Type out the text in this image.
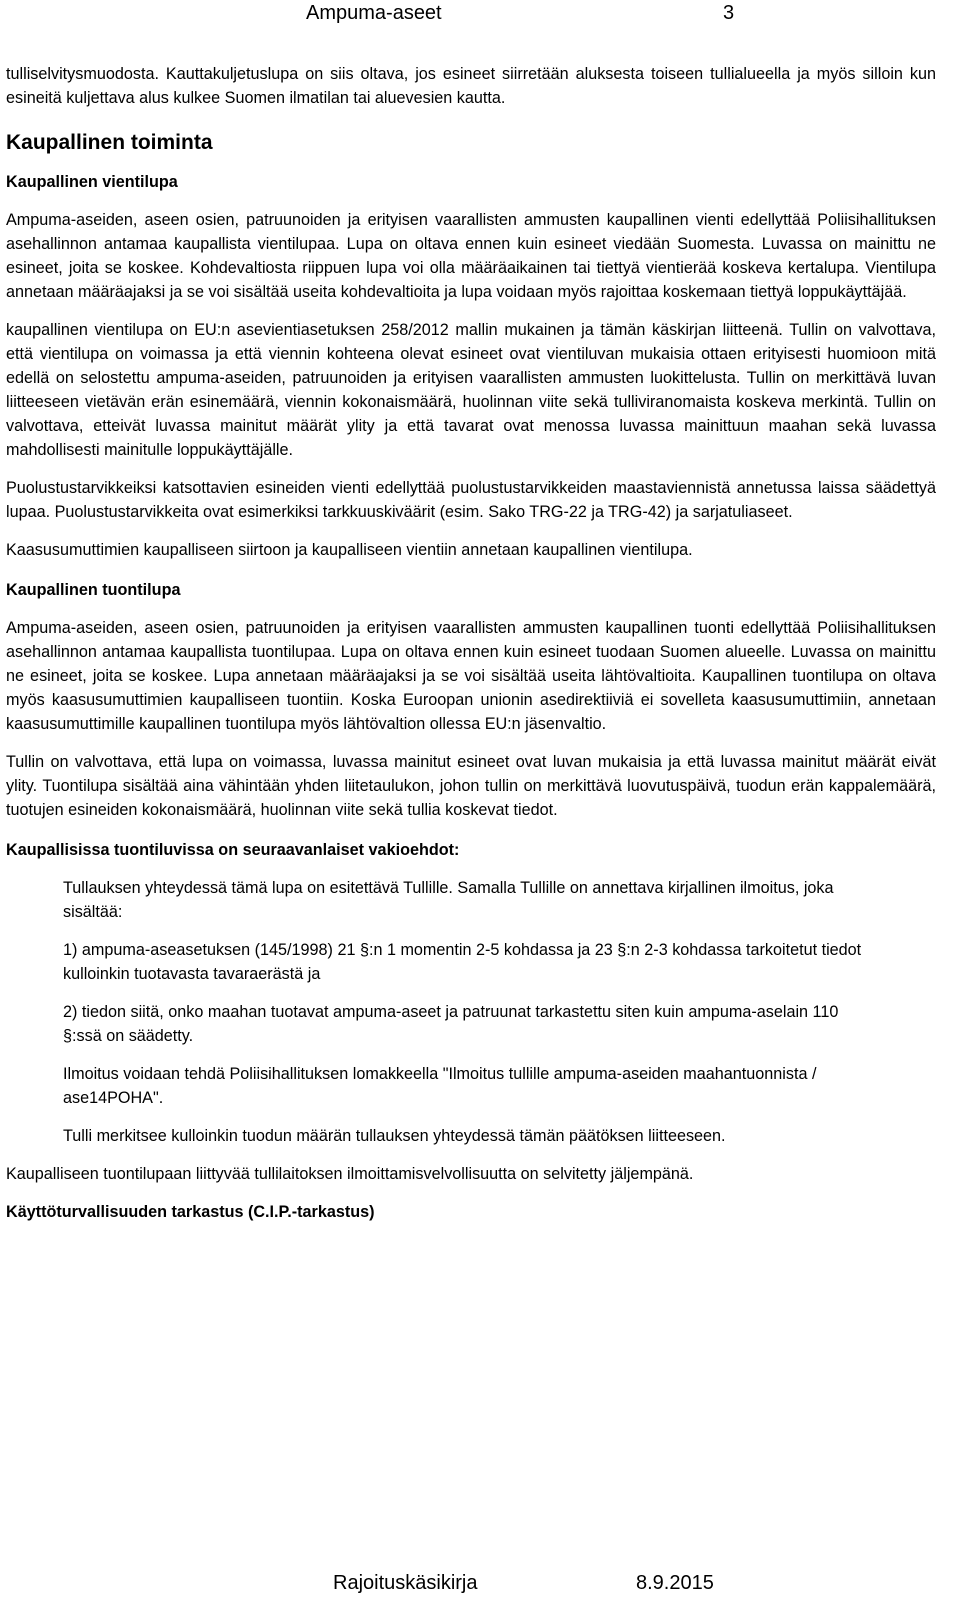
Ampuma-aseet	3

tulliselvitysmuodosta. Kauttakuljetuslupa on siis oltava, jos esineet siirretään aluksesta toiseen tullialueella ja myös silloin kun esineitä kuljettava alus kulkee Suomen ilmatilan tai aluevesien kautta.

Kaupallinen toiminta
Kaupallinen vientilupa

Ampuma-aseiden, aseen osien, patruunoiden ja erityisen vaarallisten ammusten kaupallinen vienti edellyttää Poliisihallituksen asehallinnon antamaa kaupallista vientilupaa. Lupa on oltava ennen kuin esineet viedään Suomesta. Luvassa on mainittu ne esineet, joita se koskee. Kohdevaltiosta riippuen lupa voi olla määräaikainen tai tiettyä vientierää koskeva kertalupa. Vientilupa annetaan määräajaksi ja se voi sisältää useita kohdevaltioita ja lupa voidaan myös rajoittaa koskemaan tiettyä loppukäyttäjää.

kaupallinen vientilupa on EU:n asevientiasetuksen 258/2012 mallin mukainen ja tämän käskirjan liitteenä. Tullin on valvottava, että vientilupa on voimassa ja että viennin kohteena olevat esineet ovat vientiluvan mukaisia ottaen erityisesti huomioon mitä edellä on selostettu ampuma-aseiden, patruunoiden ja erityisen vaarallisten ammusten luokittelusta. Tullin on merkittävä luvan liitteeseen vietävän erän esinemäärä, viennin kokonaismäärä, huolinnan viite sekä tulliviranomaista koskeva merkintä. Tullin on valvottava, etteivät luvassa mainitut määrät ylity ja että tavarat ovat menossa luvassa mainittuun maahan sekä luvassa mahdollisesti mainitulle loppukäyttäjälle.

Puolustustarvikkeiksi katsottavien esineiden vienti edellyttää puolustustarvikkeiden maastaviennistä annetussa laissa säädettyä lupaa. Puolustustarvikkeita ovat esimerkiksi tarkkuuskiväärit (esim. Sako TRG-22 ja TRG-42) ja sarjatuliaseet.

Kaasusumuttimien kaupalliseen siirtoon ja kaupalliseen vientiin annetaan kaupallinen vientilupa.

Kaupallinen tuontilupa

Ampuma-aseiden, aseen osien, patruunoiden ja erityisen vaarallisten ammusten kaupallinen tuonti edellyttää Poliisihallituksen asehallinnon antamaa kaupallista tuontilupaa. Lupa on oltava ennen kuin esineet tuodaan Suomen alueelle. Luvassa on mainittu ne esineet, joita se koskee. Lupa annetaan määräajaksi ja se voi sisältää useita lähtövaltioita. Kaupallinen tuontilupa on oltava myös kaasusumuttimien kaupalliseen tuontiin. Koska Euroopan unionin asedirektiiviä ei sovelleta kaasusumuttimiin, annetaan kaasusumuttimille kaupallinen tuontilupa myös lähtövaltion ollessa EU:n jäsenvaltio.

Tullin on valvottava, että lupa on voimassa, luvassa mainitut esineet ovat luvan mukaisia ja että luvassa mainitut määrät eivät ylity. Tuontilupa sisältää aina vähintään yhden liitetaulukon, johon tullin on merkittävä luovutuspäivä, tuodun erän kappalemäärä, tuotujen esineiden kokonaismäärä, huolinnan viite sekä tullia koskevat tiedot.

Kaupallisissa tuontiluvissa on seuraavanlaiset vakioehdot:

Tullauksen yhteydessä tämä lupa on esitettävä Tullille. Samalla Tullille on annettava kirjallinen ilmoitus, joka sisältää:

1) ampuma-aseasetuksen (145/1998) 21 §:n 1 momentin 2-5 kohdassa ja 23 §:n 2-3 kohdassa tarkoitetut tiedot kulloinkin tuotavasta tavaraerästä ja

2) tiedon siitä, onko maahan tuotavat ampuma-aseet ja patruunat tarkastettu siten kuin ampuma-aselain 110 §:ssä on säädetty.

Ilmoitus voidaan tehdä Poliisihallituksen lomakkeella "Ilmoitus tullille ampuma-aseiden maahantuonnista / ase14POHA".

Tulli merkitsee kulloinkin tuodun määrän tullauksen yhteydessä tämän päätöksen liitteeseen.

Kaupalliseen tuontilupaan liittyvää tullilaitoksen ilmoittamisvelvollisuutta on selvitetty jäljempänä.

Käyttöturvallisuuden tarkastus (C.I.P.-tarkastus)
Rajoituskäsikirja	8.9.2015
